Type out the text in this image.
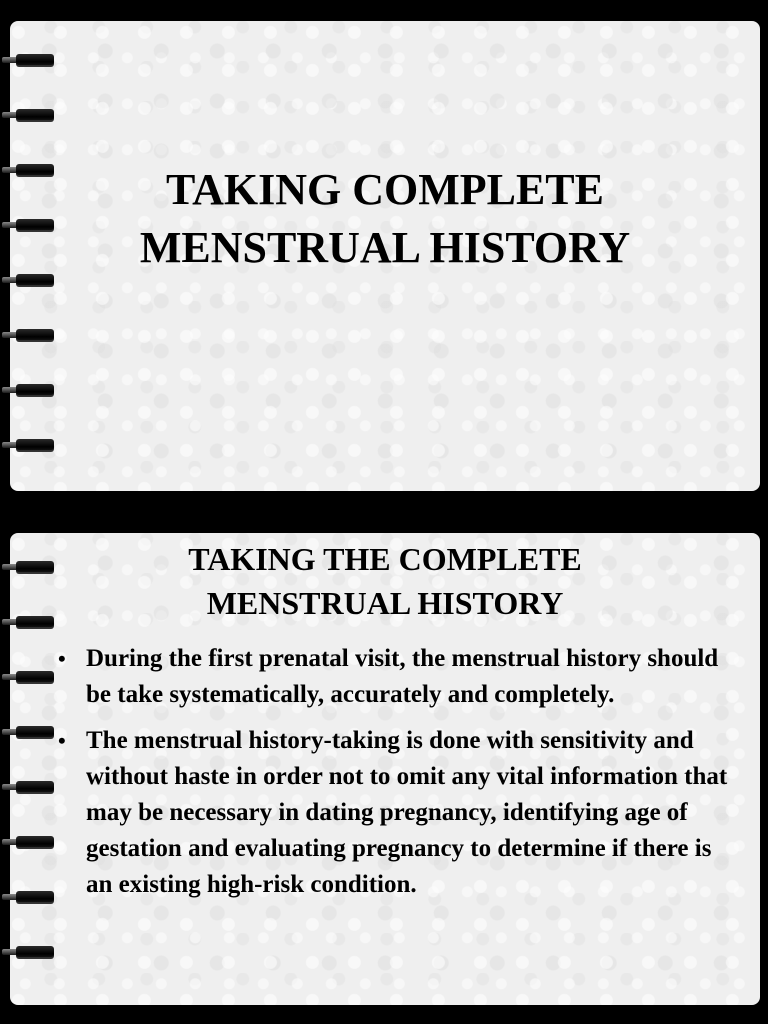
TAKING COMPLETE
MENSTRUAL HISTORY
TAKING THE COMPLETE
MENSTRUAL HISTORY
• During the first prenatal visit, the menstrual history should be take systematically, accurately and completely.
• The menstrual history-taking is done with sensitivity and without haste in order not to omit any vital information that may be necessary in dating pregnancy, identifying age of gestation and evaluating pregnancy to determine if there is an existing high-risk condition.
